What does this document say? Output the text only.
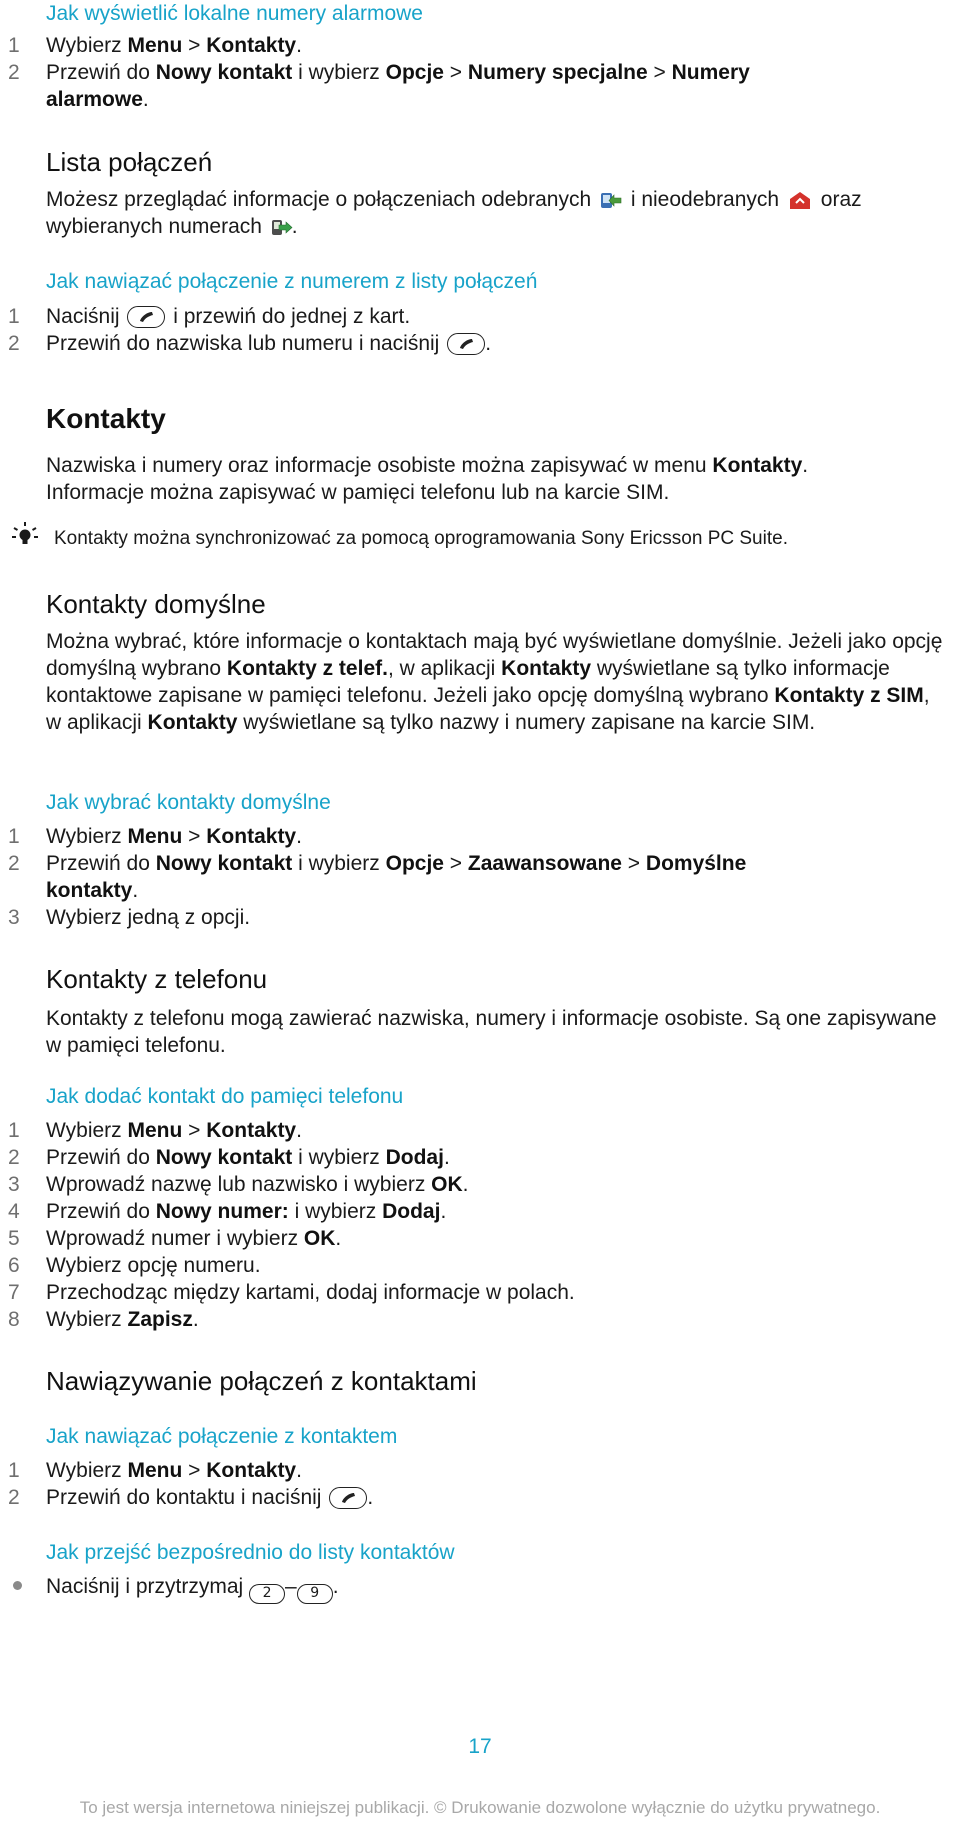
Jak wyświetlić lokalne numery alarmowe
1	Wybierz Menu > Kontakty.
2	Przewiń do Nowy kontakt i wybierz Opcje > Numery specjalne > Numery
alarmowe.
Lista połączeń
Możesz przeglądać informacje o połączeniach odebranych i nieodebranych oraz
wybieranych numerach .
Jak nawiązać połączenie z numerem z listy połączeń
1	Naciśnij	i przewiń do jednej z kart.
2	Przewiń do nazwiska lub numeru i naciśnij .
Kontakty
Nazwiska i numery oraz informacje osobiste można zapisywać w menu Kontakty.
Informacje można zapisywać w pamięci telefonu lub na karcie SIM.
Kontakty można synchronizować za pomocą oprogramowania Sony Ericsson PC Suite.
Kontakty domyślne
Można wybrać, które informacje o kontaktach mają być wyświetlane domyślnie. Jeżeli jako opcję domyślną wybrano Kontakty z telef., w aplikacji Kontakty wyświetlane są tylko informacje kontaktowe zapisane w pamięci telefonu. Jeżeli jako opcję domyślną wybrano Kontakty z SIM, w aplikacji Kontakty wyświetlane są tylko nazwy i numery zapisane na karcie SIM.
Jak wybrać kontakty domyślne
1	Wybierz Menu > Kontakty.
2	Przewiń do Nowy kontakt i wybierz Opcje > Zaawansowane > Domyślne
kontakty.
3	Wybierz jedną z opcji.
Kontakty z telefonu
Kontakty z telefonu mogą zawierać nazwiska, numery i informacje osobiste. Są one zapisywane w pamięci telefonu.
Jak dodać kontakt do pamięci telefonu
1	Wybierz Menu > Kontakty.
2	Przewiń do Nowy kontakt i wybierz Dodaj.
3	Wprowadź nazwę lub nazwisko i wybierz OK.
4	Przewiń do Nowy numer: i wybierz Dodaj.
5	Wprowadź numer i wybierz OK.
6	Wybierz opcję numeru.
7	Przechodząc między kartami, dodaj informacje w polach.
8	Wybierz Zapisz.
Nawiązywanie połączeń z kontaktami
Jak nawiązać połączenie z kontaktem
1	Wybierz Menu > Kontakty.
2	Przewiń do kontaktu i naciśnij .
Jak przejść bezpośrednio do listy kontaktów
Naciśnij i przytrzymaj 2 – 9 .
17
To jest wersja internetowa niniejszej publikacji. © Drukowanie dozwolone wyłącznie do użytku prywatnego.
